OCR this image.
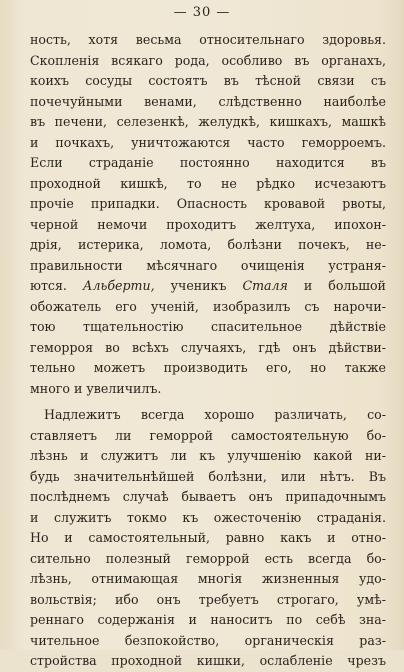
— 30 —
ность, хотя весьма относительнаго здоровья.
Скопленія всякаго рода, особливо въ органахъ,
коихъ сосуды состоятъ въ тѣсной связи съ
почечуйными венами, слѣдственно наиболѣе
въ печени, селезенкѣ, желудкѣ, кишкахъ, машкѣ
и почкахъ, уничтожаются часто геморроемъ.
Если страданіе постоянно находится въ
проходной кишкѣ, то не рѣдко исчезаютъ
прочіе припадки. Опасность кровавой рвоты,
черной немочи проходитъ желтуха, ипохон-
дрія, истерика, ломота, болѣзни почекъ, не-
правильности мѣсячнаго очищенія устраня-
ются. Альберти, ученикъ Сталя и большой
обожатель его ученій, изобразилъ съ нарочи-
тою тщательностію спасительное дѣйствіе
геморроя во всѣхъ случаяхъ, гдѣ онъ дѣйстви-
тельно можетъ производить его, но также
много и увеличилъ.
Надлежитъ всегда хорошо различать, со-
ставляетъ ли геморрой самостоятельную бо-
лѣзнь и служитъ ли къ улучшенію какой ни-
будь значительнѣйшей болѣзни, или нѣтъ. Въ
послѣднемъ случаѣ бываетъ онъ припадочнымъ
и служитъ токмо къ ожесточенію страданія.
Но и самостоятельный, равно какъ и отно-
сительно полезный геморрой есть всегда бо-
лѣзнь, отнимающая многія жизненныя удо-
вольствія; ибо онъ требуетъ строгаго, умѣ-
реннаго содержанія и наноситъ по себѣ зна-
чительное безпокойство, органическія раз-
стройства проходной кишки, ослабленіе чрезъ
